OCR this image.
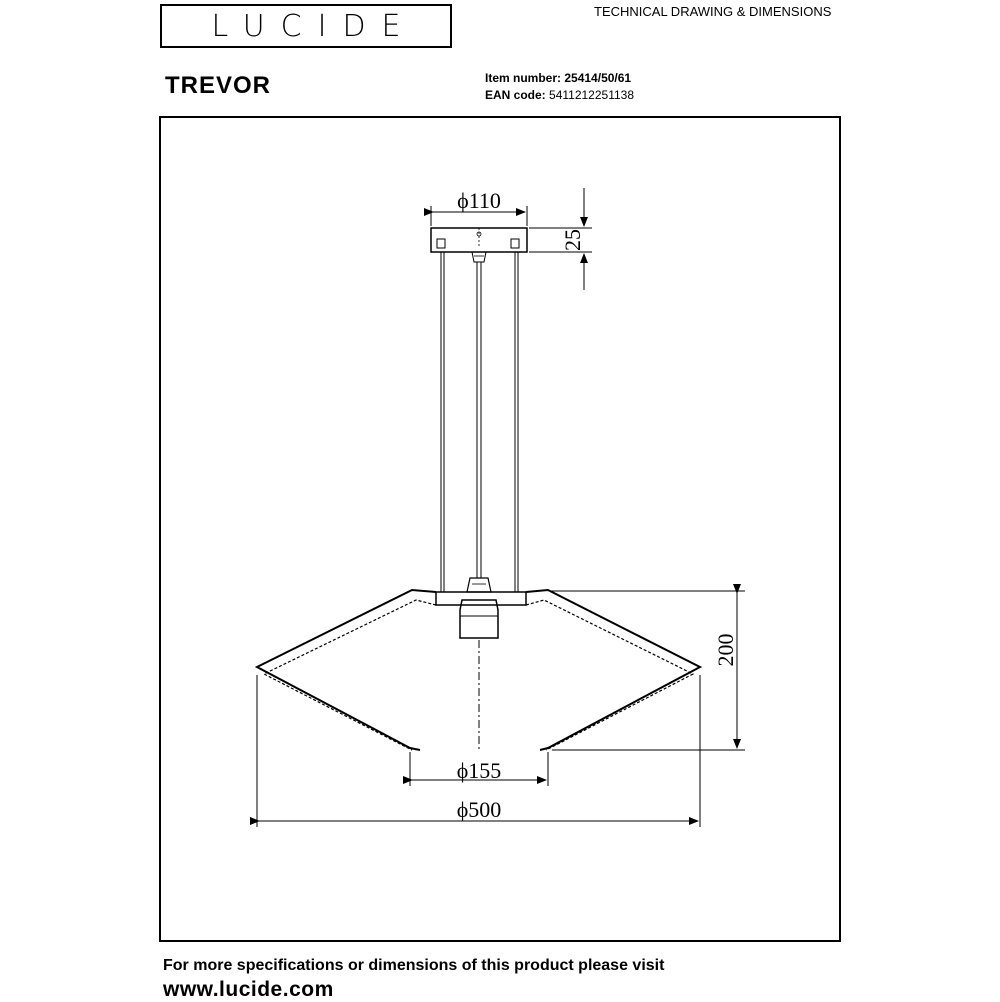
LUCIDE	TECHNICAL DRAWING & DIMENSIONS
TREVOR	Item number: 25414/50/61
EAN code: 5411212251138
ϕ110
25
200
ϕ155
ϕ500
For more specifications or dimensions of this product please visit
www.lucide.com
